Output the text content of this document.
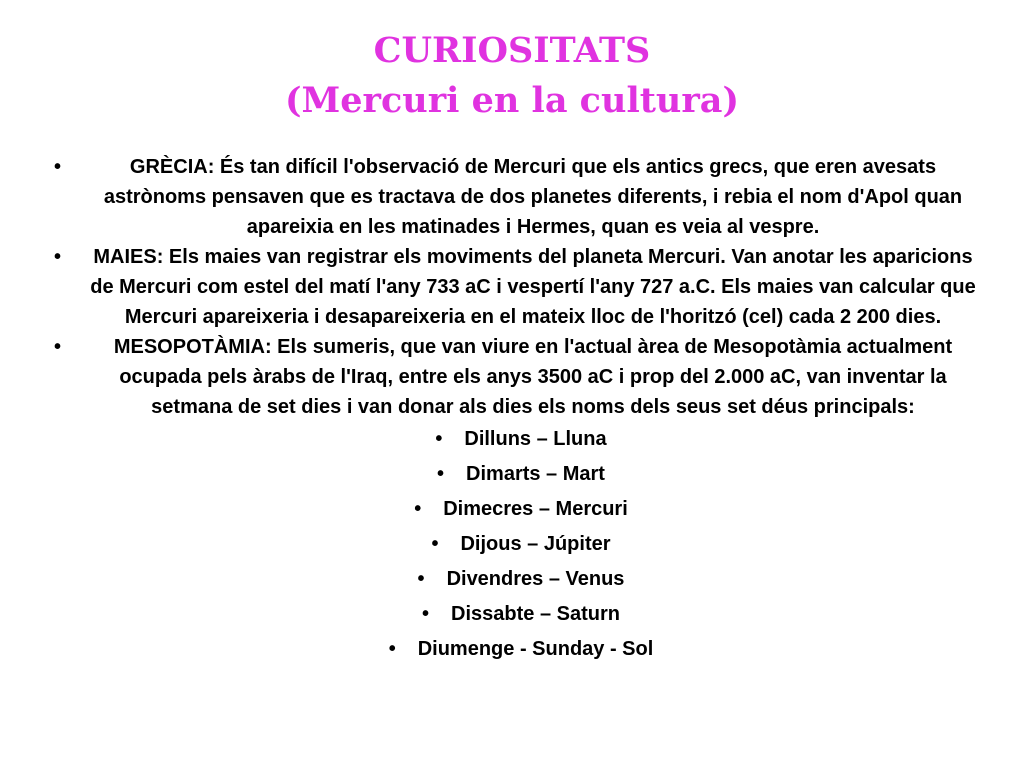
CURIOSITATS
(Mercuri en la cultura)
•	GRÈCIA: És tan difícil l'observació de Mercuri que els antics grecs, que eren avesats astrònoms pensaven que es tractava de dos planetes diferents, i rebia el nom d'Apol quan apareixia en les matinades i Hermes, quan es veia al vespre.
• MAIES: Els maies van registrar els moviments del planeta Mercuri. Van anotar les aparicions de Mercuri com estel del matí l'any 733 aC i vespertí l'any 727 a.C. Els maies van calcular que Mercuri apareixeria i desapareixeria en el mateix lloc de l'horitzó (cel) cada 2 200 dies.
•	MESOPOTÀMIA: Els sumeris, que van viure en l'actual àrea de Mesopotàmia actualment ocupada pels àrabs de l'Iraq, entre els anys 3500 aC i prop del 2.000 aC, van inventar la setmana de set dies i van donar als dies els noms dels seus set déus principals:
• Dilluns – Lluna
• Dimarts – Mart
• Dimecres – Mercuri
• Dijous – Júpiter
• Divendres – Venus
• Dissabte – Saturn
• Diumenge - Sunday - Sol
